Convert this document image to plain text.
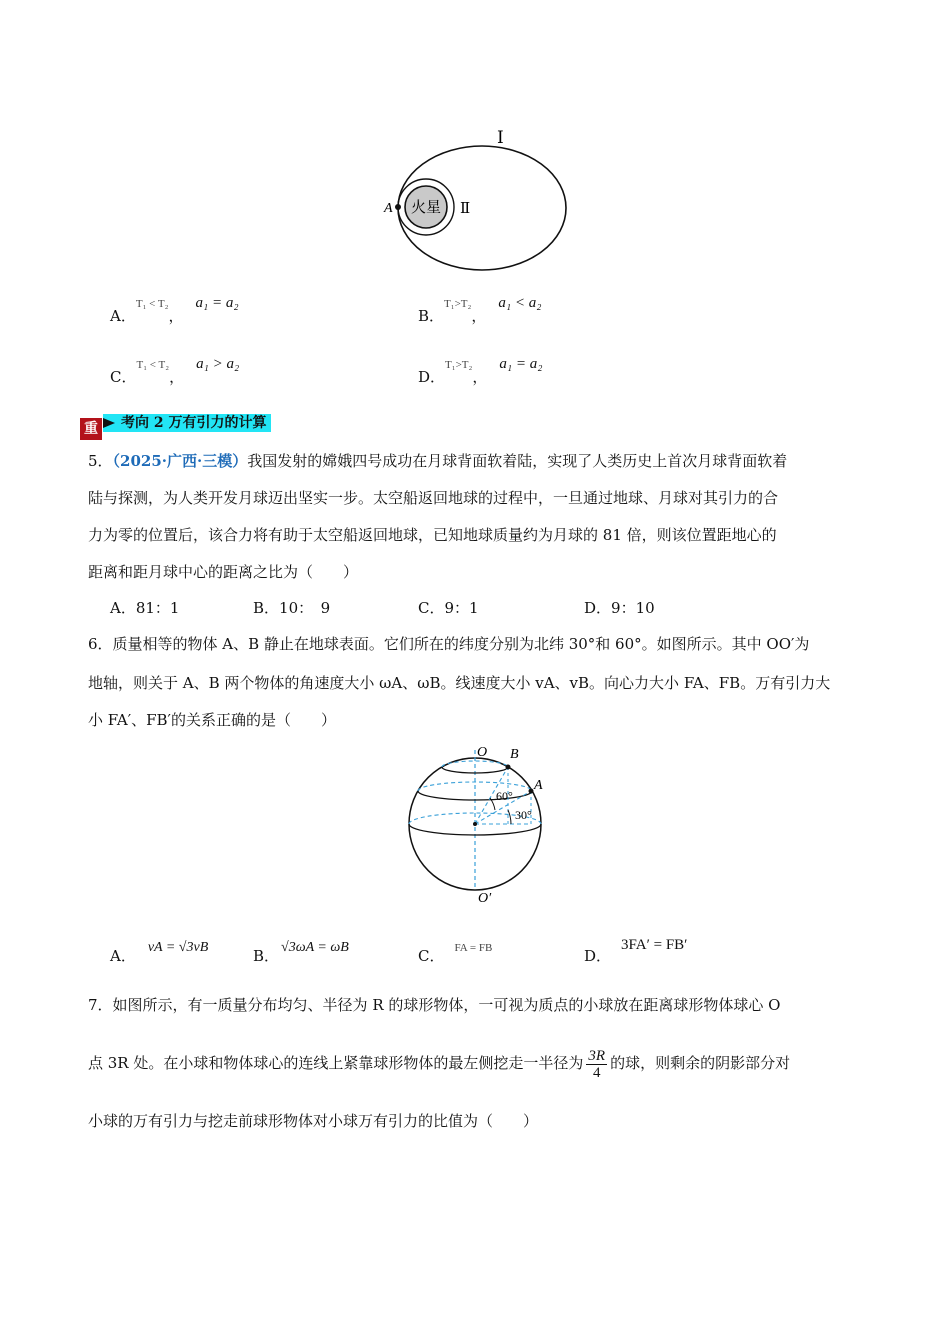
火星
Ⅰ
Ⅱ
A
A．$^{T_1 < T_2}$，a₁ = a₂
B．$^{T_1>T_2}$，a₁ < a₂
C．$^{T_1 < T_2}$，a₁ > a₂
D．$^{T_1>T_2}$，a₁ = a₂
重	考向 2 万有引力的计算
5．（2025·广西·三模）我国发射的嫦娥四号成功在月球背面软着陆，实现了人类历史上首次月球背面软着
陆与探测，为人类开发月球迈出坚实一步。太空船返回地球的过程中，一旦通过地球、月球对其引力的合
力为零的位置后，该合力将有助于太空船返回地球，已知地球质量约为月球的 81 倍，则该位置距地心的
距离和距月球中心的距离之比为（　　）
A．81：1	B．10：　9	C．9：1	D．9：10
6．质量相等的物体 A、B 静止在地球表面。它们所在的纬度分别为北纬 30°和 60°。如图所示。其中 OO′为
地轴，则关于 A、B 两个物体的角速度大小 ωA、ωB。线速度大小 vA、vB。向心力大小 FA、FB。万有引力大
小 FA′、FB′的关系正确的是（　　）
O B
A
60°
30°
O′
A． vA = √3vB	B． √3ωA = ωB	C． $^{FA = FB}$	D．3FA′ = FB′
7．如图所示，有一质量分布均匀、半径为 R 的球形物体，一可视为质点的小球放在距离球形物体球心 O
点 3R 处。在小球和物体球心的连线上紧靠球形物体的最左侧挖走一半径为 $\frac{3R}{4}$ 的球，则剩余的阴影部分对
小球的万有引力与挖走前球形物体对小球万有引力的比值为（　　）
